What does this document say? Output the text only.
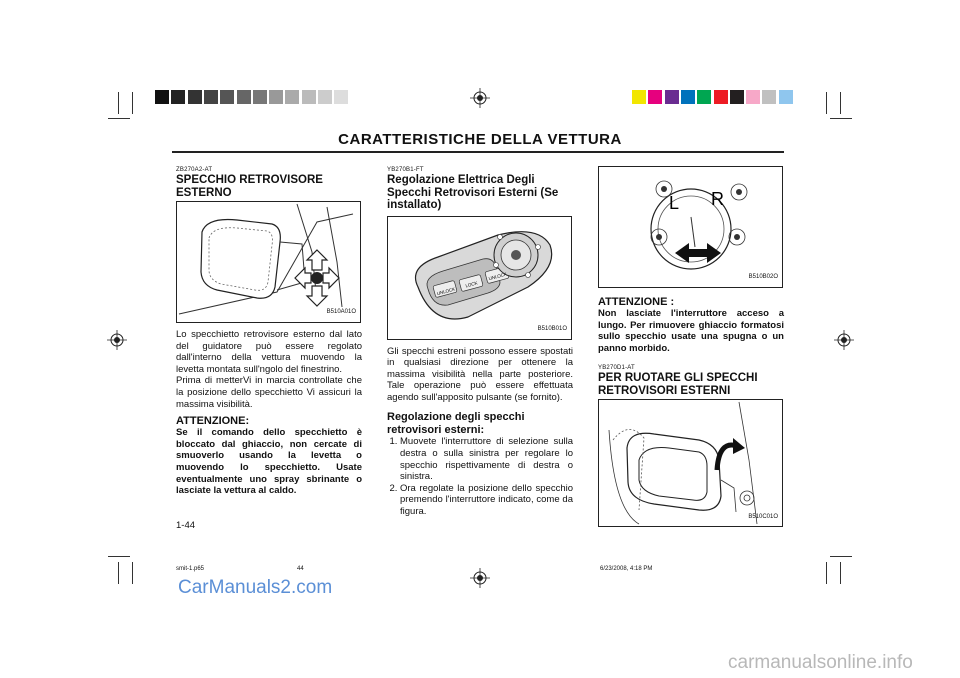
CARATTERISTICHE DELLA VETTURA
ZB270A2-AT
SPECCHIO RETROVISORE ESTERNO
B510A01O
Lo specchietto retrovisore esterno dal lato del guidatore può essere regolato dall'interno della vettura muovendo la levetta montata sull'ngolo del finestrino.
Prima di metterVi in marcia controllate che la posizione dello specchietto Vi assicuri la massima visibilità.
ATTENZIONE:
Se il comando dello specchietto è bloccato dal ghiaccio, non cercate di smuoverlo usando la levetta o muovendo lo specchietto. Usate eventualmente uno spray sbrinante o lasciate la vettura al caldo.
YB270B1-FT
Regolazione Elettrica Degli Specchi Retrovisori Esterni (Se installato)
UNLOCK
LOCK
UNLOCK
B510B01O
Gli specchi estreni possono essere spostati in qualsiasi direzione per ottenere la massima visibilità nella parte posteriore. Tale operazione può essere effettuata agendo sull'apposito pulsante (se fornito).
Regolazione degli specchi retrovisori esterni:
1. Muovete l'interruttore di selezione sulla destra o sulla sinistra per regolare lo specchio rispettivamente di destra o sinistra.
2. Ora regolate la posizione dello specchio premendo l'interruttore indicato, come da figura.
L R
B510B02O
ATTENZIONE :
Non lasciate l'interruttore acceso a lungo. Per rimuovere ghiaccio formatosi sullo specchio usate una spugna o un panno morbido.
YB270D1-AT
PER RUOTARE GLI SPECCHI RETROVISORI ESTERNI
B510C01O
1-44
smit-1.p65	44	6/23/2008, 4:18 PM
CarManuals2.com
carmanualsonline.info
